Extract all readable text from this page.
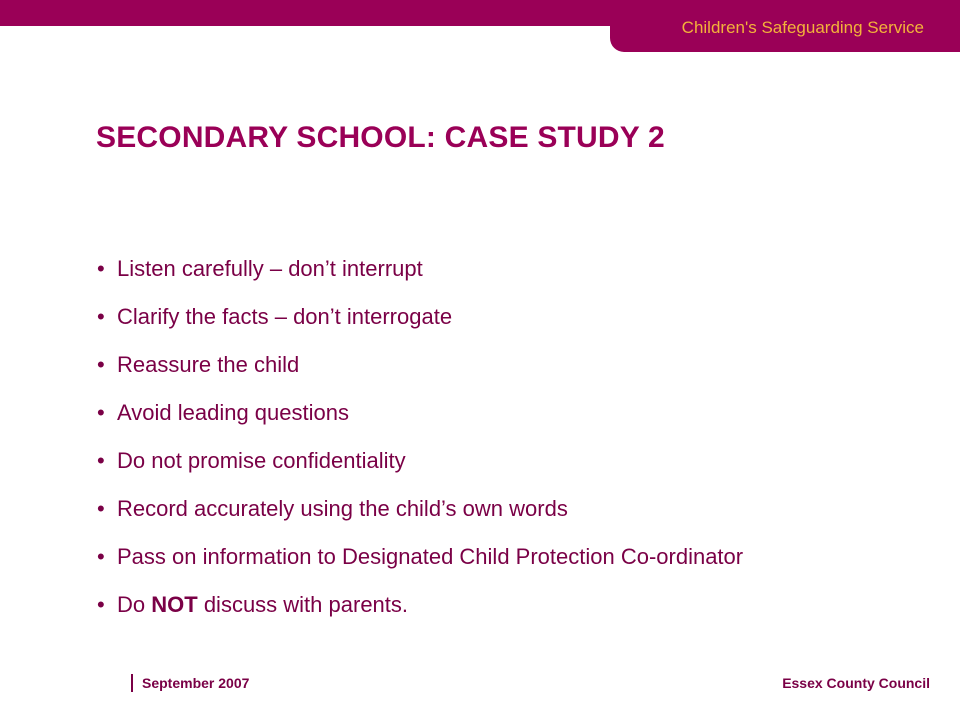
Children's Safeguarding Service
SECONDARY SCHOOL: CASE STUDY 2
• Listen carefully – don’t interrupt
• Clarify the facts – don’t interrogate
• Reassure the child
• Avoid leading questions
• Do not promise confidentiality
• Record accurately using the child’s own words
• Pass on information to Designated Child Protection Co-ordinator
• Do NOT discuss with parents.
September 2007	Essex County Council
